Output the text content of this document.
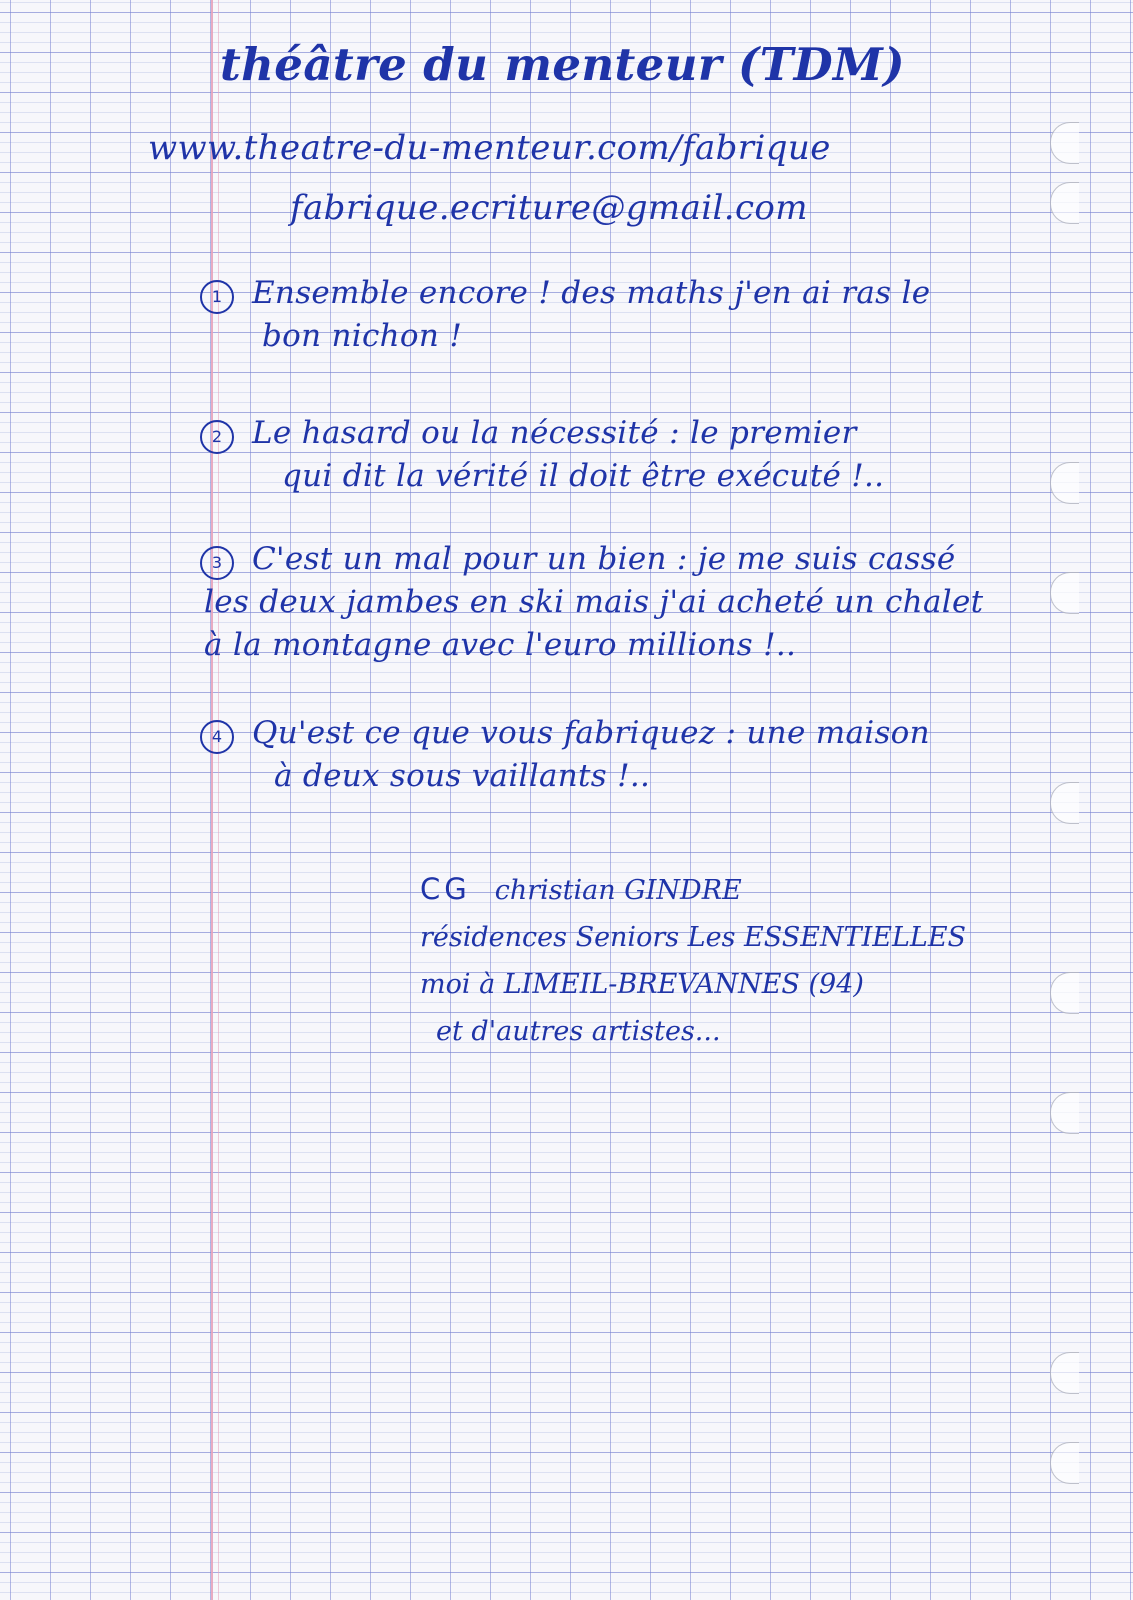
théâtre du menteur (TDM)
www.theatre-du-menteur.com/fabrique
fabrique.ecriture@gmail.com
1 Ensemble encore ! des maths j'en ai ras le
bon nichon !
2 Le hasard ou la nécessité : le premier
qui dit la vérité il doit être exécuté !..
3 C'est un mal pour un bien : je me suis cassé
les deux jambes en ski mais j'ai acheté un chalet
à la montagne avec l'euro millions !..
4 Qu'est ce que vous fabriquez : une maison
à deux sous vaillants !..
CG christian GINDRE
résidences Seniors Les ESSENTIELLES
moi à LIMEIL-BREVANNES (94)
et d'autres artistes...
